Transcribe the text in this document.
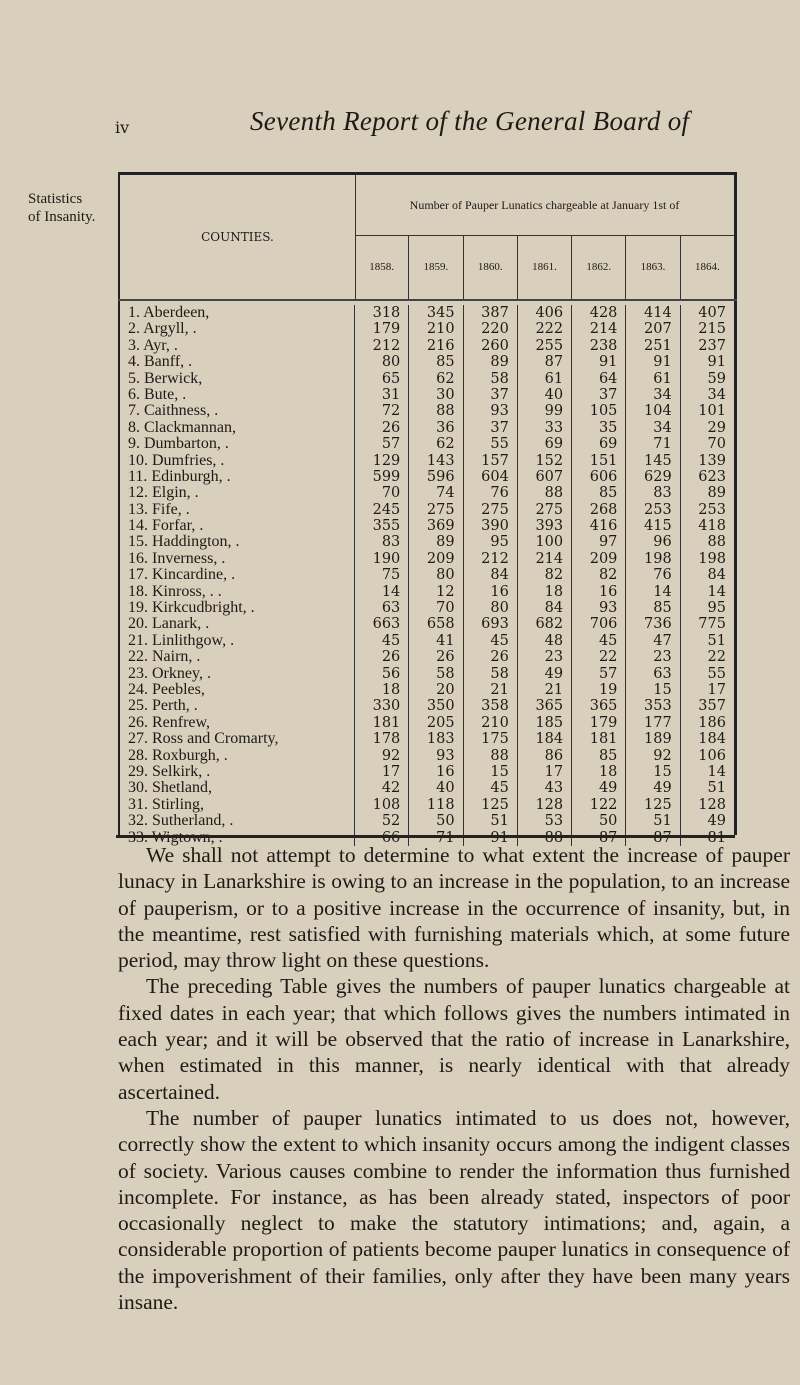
iv	Seventh Report of the General Board of
Statistics
of Insanity.
COUNTIES.
Number of Pauper Lunatics chargeable at January 1st of
1858.	1859.	1860.	1861.	1862.	1863.	1864.
1. Aberdeen,	318	345	387	406	428	414	407
2. Argyll, .	179	210	220	222	214	207	215
3. Ayr, .	212	216	260	255	238	251	237
4. Banff, .	80	85	89	87	91	91	91
5. Berwick,	65	62	58	61	64	61	59
6. Bute, .	31	30	37	40	37	34	34
7. Caithness, .	72	88	93	99	105	104	101
8. Clackmannan,	26	36	37	33	35	34	29
9. Dumbarton, .	57	62	55	69	69	71	70
10. Dumfries, .	129	143	157	152	151	145	139
11. Edinburgh, .	599	596	604	607	606	629	623
12. Elgin, .	70	74	76	88	85	83	89
13. Fife, .	245	275	275	275	268	253	253
14. Forfar, .	355	369	390	393	416	415	418
15. Haddington, .	83	89	95	100	97	96	88
16. Inverness, .	190	209	212	214	209	198	198
17. Kincardine, .	75	80	84	82	82	76	84
18. Kinross, . .	14	12	16	18	16	14	14
19. Kirkcudbright, .	63	70	80	84	93	85	95
20. Lanark, .	663	658	693	682	706	736	775
21. Linlithgow, .	45	41	45	48	45	47	51
22. Nairn, .	26	26	26	23	22	23	22
23. Orkney, .	56	58	58	49	57	63	55
24. Peebles,	18	20	21	21	19	15	17
25. Perth, .	330	350	358	365	365	353	357
26. Renfrew,	181	205	210	185	179	177	186
27. Ross and Cromarty,	178	183	175	184	181	189	184
28. Roxburgh, .	92	93	88	86	85	92	106
29. Selkirk, .	17	16	15	17	18	15	14
30. Shetland,	42	40	45	43	49	49	51
31. Stirling,	108	118	125	128	122	125	128
32. Sutherland, .	52	50	51	53	50	51	49
33. Wigtown, .	66	71	91	88	87	87	81

We shall not attempt to determine to what extent the increase of pauper lunacy in Lanarkshire is owing to an increase in the population, to an increase of pauperism, or to a positive increase in the occurrence of insanity, but, in the meantime, rest satisfied with furnishing materials which, at some future period, may throw light on these questions.

The preceding Table gives the numbers of pauper lunatics chargeable at fixed dates in each year; that which follows gives the numbers intimated in each year; and it will be observed that the ratio of increase in Lanarkshire, when estimated in this manner, is nearly identical with that already ascertained.

The number of pauper lunatics intimated to us does not, however, correctly show the extent to which insanity occurs among the indigent classes of society. Various causes combine to render the information thus furnished incomplete. For instance, as has been already stated, inspectors of poor occasionally neglect to make the statutory intimations; and, again, a considerable proportion of patients become pauper lunatics in consequence of the impoverishment of their families, only after they have been many years insane.
